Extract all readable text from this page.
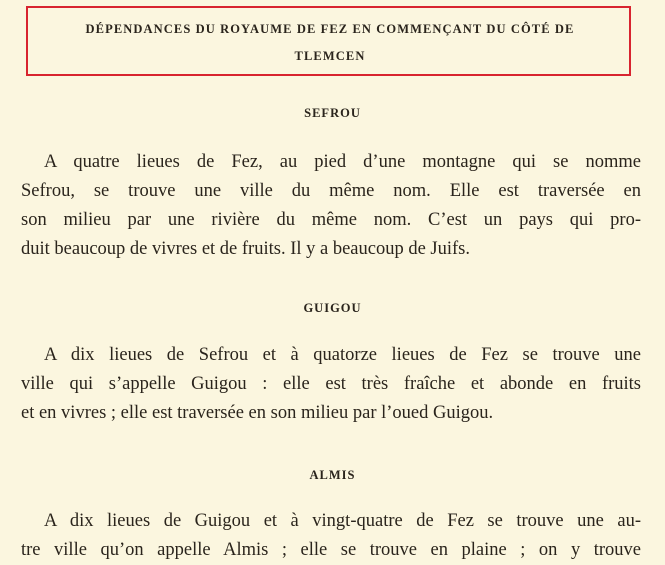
DÉPENDANCES DU ROYAUME DE FEZ EN COMMENÇANT DU CÔTÉ DE
TLEMCEN
SEFROU
A quatre lieues de Fez, au pied d’une montagne qui se nomme
Sefrou, se trouve une ville du même nom. Elle est traversée en
son milieu par une rivière du même nom. C’est un pays qui pro-
duit beaucoup de vivres et de fruits. Il y a beaucoup de Juifs.
GUIGOU
A dix lieues de Sefrou et à quatorze lieues de Fez se trouve une
ville qui s’appelle Guigou : elle est très fraîche et abonde en fruits
et en vivres ; elle est traversée en son milieu par l’oued Guigou.
ALMIS
A dix lieues de Guigou et à vingt-quatre de Fez se trouve une au-
tre ville qu’on appelle Almis ; elle se trouve en plaine ; on y trouve
